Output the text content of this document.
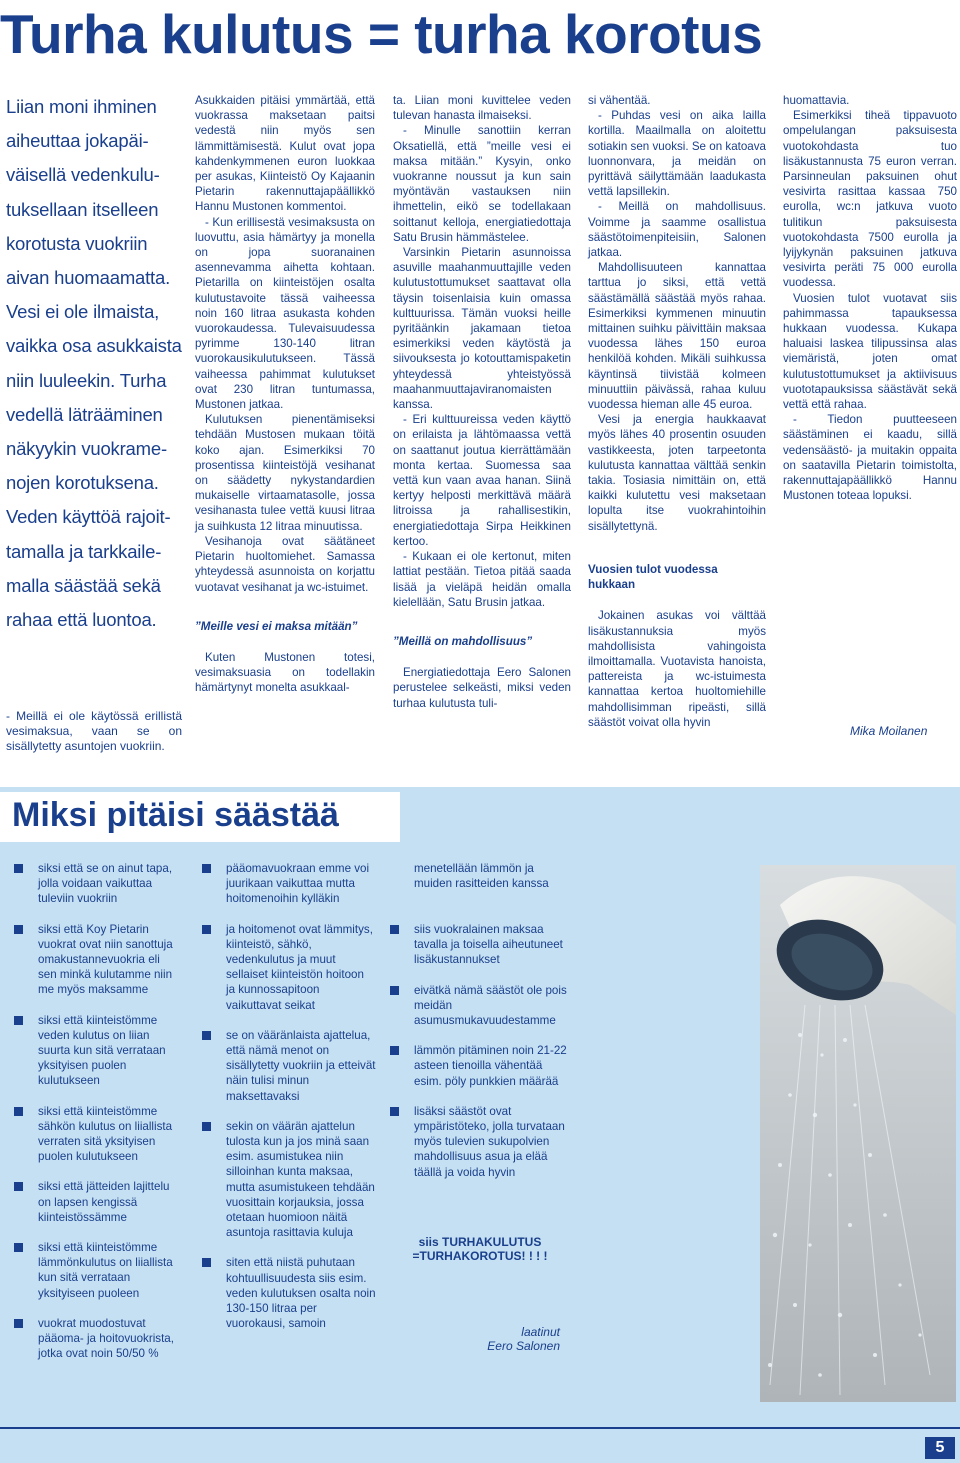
Turha kulutus = turha korotus
Liian moni ihminen
aiheuttaa jokapäi-
väisellä vedenkulu-
tuksellaan itselleen
korotusta vuokriin
aivan huomaamatta.
Vesi ei ole ilmaista,
vaikka osa asukkaista
niin luuleekin. Turha
vedellä läträäminen
näkyykin vuokrame-
nojen korotuksena.
Veden käyttöä rajoit-
tamalla ja tarkkaile-
malla säästää sekä
rahaa että luontoa.
- Meillä ei ole käytössä erillistä vesimaksua, vaan se on sisällytetty asuntojen vuokriin.

Asukkaiden pitäisi ymmärtää, että vuokrassa maksetaan paitsi vedestä niin myös sen lämmittämisestä. Kulut ovat jopa kahdenkymmenen euron luokkaa per asukas, Kiinteistö Oy Kajaanin Pietarin rakennuttajapäällikkö Hannu Mustonen kommentoi.

- Kun erillisestä vesimaksusta on luovuttu, asia hämärtyy ja monella on jopa suoranainen asennevamma aihetta kohtaan. Pietarilla on kiinteistöjen osalta kulutustavoite tässä vaiheessa noin 160 litraa asukasta kohden vuorokaudessa. Tulevaisuudessa pyrimme 130-140 litran vuorokausikulutukseen. Tässä vaiheessa pahimmat kulutukset ovat 230 litran tuntumassa, Mustonen jatkaa.

Kulutuksen pienentämiseksi tehdään Mustosen mukaan töitä koko ajan. Esimerkiksi 70 prosentissa kiinteistöjä vesihanat on säädetty nykystandardien mukaiselle virtaamatasolle, jossa vesihanasta tulee vettä kuusi litraa ja suihkusta 12 litraa minuutissa.

Vesihanoja ovat säätäneet Pietarin huoltomiehet. Samassa yhteydessä asunnoista on korjattu vuotavat vesihanat ja wc-istuimet.

”Meille vesi ei maksa mitään”

Kuten Mustonen totesi, vesimaksuasia on todellakin hämärtynyt monelta asukkaal-

ta. Liian moni kuvittelee veden tulevan hanasta ilmaiseksi.

- Minulle sanottiin kerran Oksatiellä, että ”meille vesi ei maksa mitään.” Kysyin, onko vuokranne noussut ja kun sain myöntävän vastauksen niin ihmettelin, eikö se todellakaan soittanut kelloja, energiatiedottaja Satu Brusin hämmästelee.

Varsinkin Pietarin asunnoissa asuville maahanmuuttajille veden kulutustottumukset saattavat olla täysin toisenlaisia kuin omassa kulttuurissa. Tämän vuoksi heille pyritäänkin jakamaan tietoa esimerkiksi veden käytöstä ja siivouksesta jo kotouttamispaketin yhteydessä yhteistyössä maahanmuuttajaviranomaisten kanssa.

- Eri kulttuureissa veden käyttö on erilaista ja lähtömaassa vettä on saattanut joutua kierrättämään monta kertaa. Suomessa saa vettä kun vaan avaa hanan. Siinä kertyy helposti merkittävä määrä litroissa ja rahallisestikin, energiatiedottaja Sirpa Heikkinen kertoo.

- Kukaan ei ole kertonut, miten lattiat pestään. Tietoa pitää saada lisää ja vieläpä heidän omalla kielellään, Satu Brusin jatkaa.

”Meillä on mahdollisuus”

Energiatiedottaja Eero Salonen perustelee selkeästi, miksi veden turhaa kulutusta tuli-

si vähentää.

- Puhdas vesi on aika lailla kortilla. Maailmalla on aloitettu sotiakin sen vuoksi. Se on katoava luonnonvara, ja meidän on pyrittävä säilyttämään laadukasta vettä lapsillekin.

- Meillä on mahdollisuus. Voimme ja saamme osallistua säästötoimenpiteisiin, Salonen jatkaa.

Mahdollisuuteen kannattaa tarttua jo siksi, että vettä säästämällä säästää myös rahaa. Esimerkiksi kymmenen minuutin mittainen suihku päivittäin maksaa vuodessa lähes 150 euroa henkilöä kohden. Mikäli suihkussa käyntinsä tiivistää kolmeen minuuttiin päivässä, rahaa kuluu vuodessa hieman alle 45 euroa.

Vesi ja energia haukkaavat myös lähes 40 prosentin osuuden vastikkeesta, joten tarpeetonta kulutusta kannattaa välttää senkin takia. Tosiasia nimittäin on, että kaikki kulutettu vesi maksetaan lopulta itse vuokrahintoihin sisällytettynä.

Vuosien tulot vuodessa hukkaan

Jokainen asukas voi välttää lisäkustannuksia myös mahdollisista vahingoista ilmoittamalla. Vuotavista hanoista, pattereista ja wc-istuimesta kannattaa kertoa huoltomiehille mahdollisimman ripeästi, sillä säästöt voivat olla hyvin

huomattavia.

Esimerkiksi tiheä tippavuoto ompelulangan paksuisesta vuotokohdasta tuo lisäkustannusta 75 euron verran. Parsinneulan paksuinen ohut vesivirta rasittaa kassaa 750 eurolla, wc:n jatkuva vuoto tulitikun paksuisesta vuotokohdasta 7500 eurolla ja lyijykynän paksuinen jatkuva vesivirta peräti 75 000 eurolla vuodessa.

Vuosien tulot vuotavat siis pahimmassa tapauksessa hukkaan vuodessa. Kukapa haluaisi laskea tilipussinsa alas viemäristä, joten omat kulutustottumukset ja aktiivisuus vuototapauksissa säästävät sekä vettä että rahaa.

- Tiedon puutteeseen säästäminen ei kaadu, sillä vedensäästö- ja muitakin oppaita on saatavilla Pietarin toimistolta, rakennuttajapäällikkö Hannu Mustonen toteaa lopuksi.

Mika Moilanen
Miksi pitäisi säästää
siksi että se on ainut tapa, jolla voidaan vaikuttaa tuleviin vuokriin
siksi että Koy Pietarin vuokrat ovat niin sanottuja omakustannevuokria eli sen minkä kulutamme niin me myös maksamme
siksi että kiinteistömme veden kulutus on liian suurta kun sitä verrataan yksityisen puolen kulutukseen
siksi että kiinteistömme sähkön kulutus on liiallista verraten sitä yksityisen puolen kulutukseen
siksi että jätteiden lajittelu on lapsen kengissä kiinteistössämme
siksi että kiinteistömme lämmönkulutus on liiallista kun sitä verrataan yksityiseen puoleen
vuokrat muodostuvat pääoma- ja hoitovuokrista, jotka ovat noin 50/50 %
pääomavuokraan emme voi juurikaan vaikuttaa mutta hoitomenoihin kylläkin
ja hoitomenot ovat lämmitys, kiinteistö, sähkö, vedenkulutus ja muut sellaiset kiinteistön hoitoon ja kunnossapitoon vaikuttavat seikat
se on vääränlaista ajattelua, että nämä menot on sisällytetty vuokriin ja etteivät näin tulisi minun maksettavaksi
sekin on väärän ajattelun tulosta kun ja jos minä saan esim. asumistukea niin silloinhan kunta maksaa, mutta asumistukeen tehdään vuosittain korjauksia, jossa otetaan huomioon näitä asuntoja rasittavia kuluja
siten että niistä puhutaan kohtuullisuudesta siis esim. veden kulutuksen osalta noin 130-150 litraa per vuorokausi, samoin
menetellään lämmön ja muiden rasitteiden kanssa
siis vuokralainen maksaa tavalla ja toisella aiheutuneet lisäkustannukset
eivätkä nämä säästöt ole pois meidän asumusmukavuudestamme
lämmön pitäminen noin 21-22 asteen tienoilla vähentää esim. pöly punkkien määrää
lisäksi säästöt ovat ympäristöteko, jolla turvataan myös tulevien sukupolvien mahdollisuus asua ja elää täällä ja voida hyvin
siis TURHAKULUTUS
=TURHAKOROTUS! ! ! !
laatinut
Eero Salonen
5
